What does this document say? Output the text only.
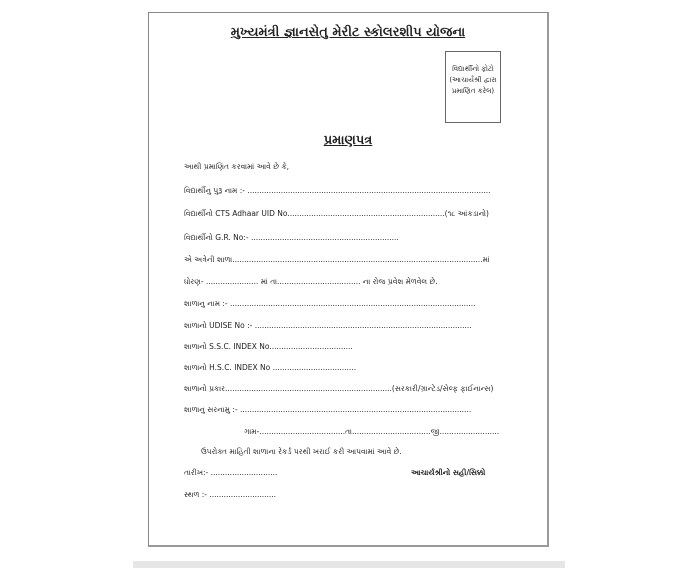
મુખ્યમંત્રી જ્ઞાનસેતુ મેરીટ સ્કોલરશીપ યોજના
વિદ્યાર્થીનો ફોટો
(આચાર્યશ્રી દ્વારા
પ્રમાણિત કરેલ)
પ્રમાણપત્ર
આથી પ્રમાણિત કરવામાં આવે છે કે,
વિદ્યાર્થીનુ પુરૂ નામ :- ......................................................................................................
વિદ્યાર્થીનો CTS Adhaar UID No..................................................................(૧૮ આંકડાનો)
વિદ્યાર્થીનો G.R. No:- ..............................................................
એ અત્રેની શાળા.........................................................................................................માં
ધોરણ- ...................... માં તા................................... ના રોજ પ્રવેશ મેળવેલ છે.
શાળાનુ નામ :- .......................................................................................................
શાળાનો UDISE No :- ...........................................................................................
શાળાનો S.S.C. INDEX No...................................
શાળાનો H.S.C. INDEX No ...................................
શાળાનો પ્રકાર......................................................................(સરકારી/ગ્રાન્ટેડ/સેલ્ફ ફાઈનાન્સ)
શાળાનુ સરનામુ :- .................................................................................................
ગામ-....................................તા.................................જી.........................
ઉપરોક્ત માહિતી શાળાના રેકર્ડ પરથી ખરાઈ કરી આપવામાં આવે છે.
તારીખ:- ............................	આચાર્યશ્રીનો સહી/સિક્કો
સ્થળ :- ............................
